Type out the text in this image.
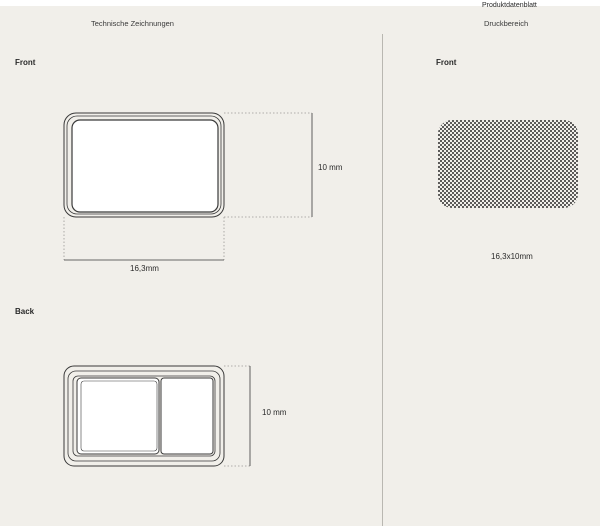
Produktdatenblatt
Technische Zeichnungen	Druckbereich
Front	Front
Back
10 mm
16,3mm
10 mm
16,3x10mm
